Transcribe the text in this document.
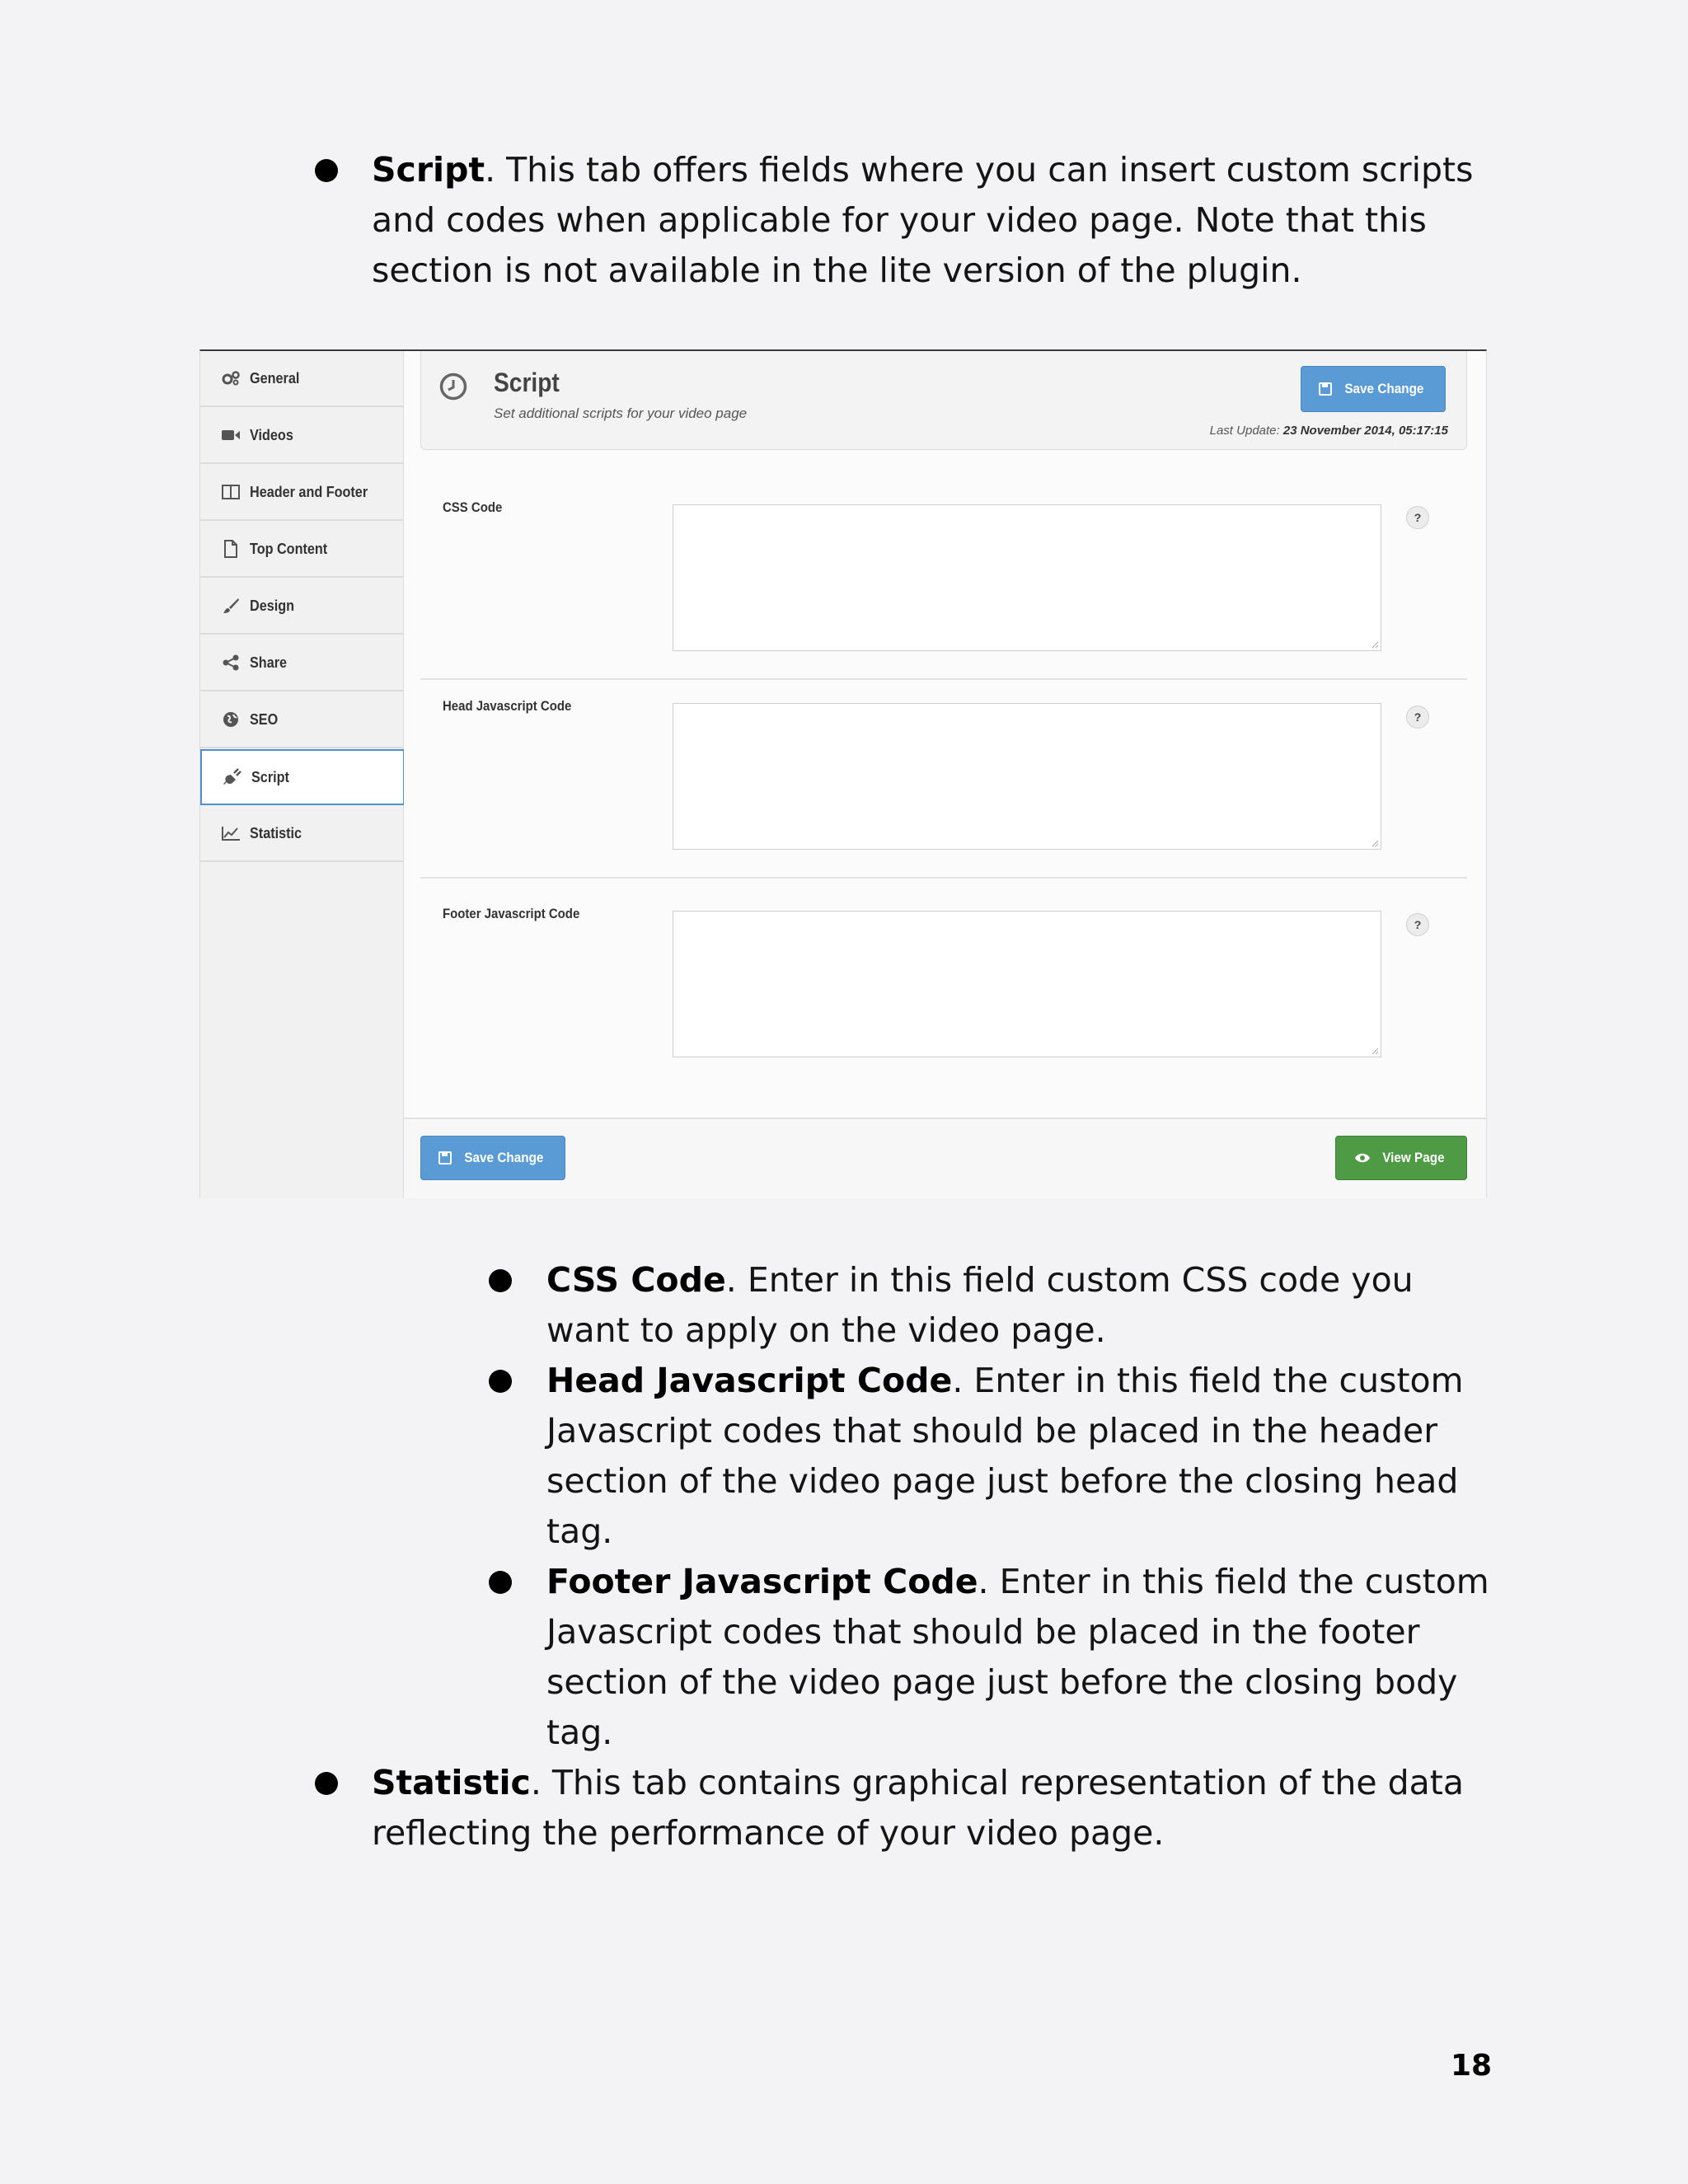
Script. This tab offers fields where you can insert custom scripts and codes when applicable for your video page. Note that this section is not available in the lite version of the plugin.
General
Videos
Header and Footer
Top Content
Design
Share
SEO
Script
Statistic
Script
Set additional scripts for your video page
Save Change
Last Update: 23 November 2014, 05:17:15
CSS Code
?
Head Javascript Code
?
Footer Javascript Code
?
Save Change	View Page
CSS Code. Enter in this field custom CSS code you want to apply on the video page.
Head Javascript Code. Enter in this field the custom Javascript codes that should be placed in the header section of the video page just before the closing head tag.
Footer Javascript Code. Enter in this field the custom Javascript codes that should be placed in the footer section of the video page just before the closing body tag.
Statistic. This tab contains graphical representation of the data reflecting the performance of your video page.
18
